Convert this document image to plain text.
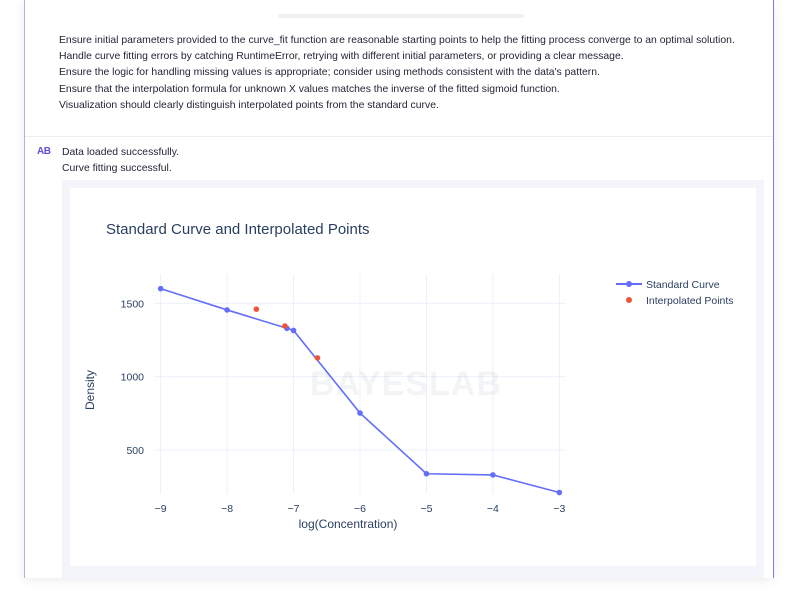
Ensure initial parameters provided to the curve_fit function are reasonable starting points to help the fitting process converge to an optimal solution.
Handle curve fitting errors by catching RuntimeError, retrying with different initial parameters, or providing a clear message.
Ensure the logic for handling missing values is appropriate; consider using methods consistent with the data's pattern.
Ensure that the interpolation formula for unknown X values matches the inverse of the fitted sigmoid function.
Visualization should clearly distinguish interpolated points from the standard curve.
AB Data loaded successfully.
Curve fitting successful.
Standard Curve and Interpolated Points
BAYESLAB
−9	−8	−7	−6	−5	−4	−3
500
1000
1500
log(Concentration)
Density
Standard Curve
Interpolated Points
